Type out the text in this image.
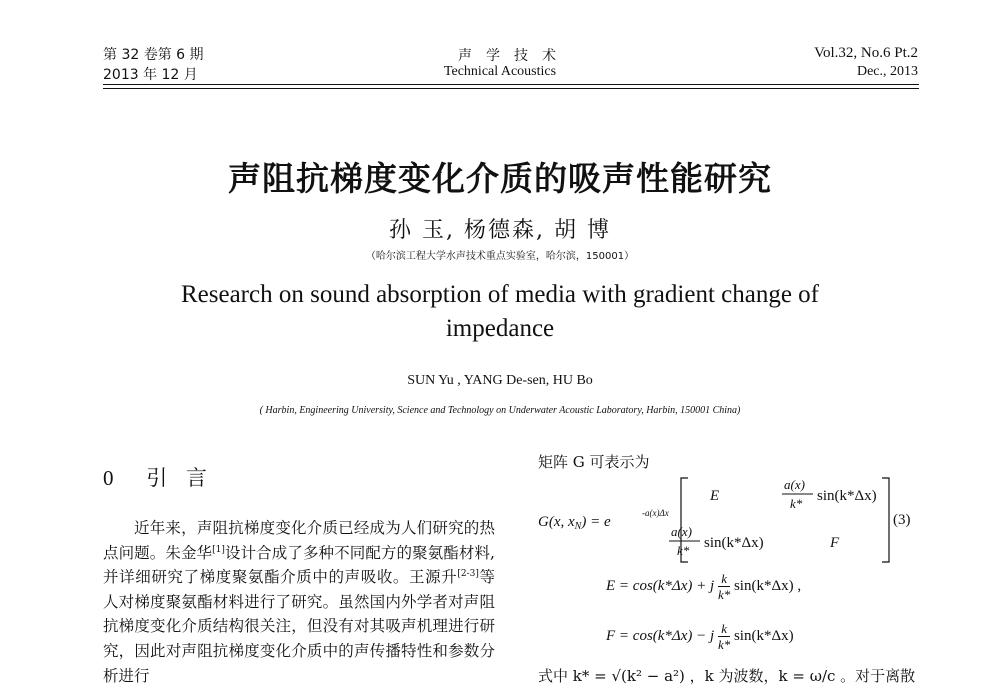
第 32 卷第 6 期
2013 年 12 月
声学技术
Technical Acoustics
Vol.32, No.6 Pt.2
Dec., 2013
声阻抗梯度变化介质的吸声性能研究
孙 玉, 杨德森, 胡 博
（哈尔滨工程大学水声技术重点实验室，哈尔滨，150001）
Research on sound absorption of media with gradient change of impedance
SUN Yu , YANG De-sen, HU Bo
( Harbin, Engineering University, Science and Technology on Underwater Acoustic Laboratory, Harbin, 150001 China)
0 引 言

近年来，声阻抗梯度变化介质已经成为人们研究的热点问题。朱金华[1]设计合成了多种不同配方的聚氨酯材料, 并详细研究了梯度聚氨酯介质中的声吸收。王源升[2-3]等人对梯度聚氨酯材料进行了研究。虽然国内外学者对声阻抗梯度变化介质结构很关注，但没有对其吸声机理进行研究，因此对声阻抗梯度变化介质中的声传播特性和参数分析进行

矩阵 G 可表示为
G(x, $x_N) = e$
-a(x)Δx
E
a(x)
k* sin(k*Δx)
a(x)
k* sin(k*Δx)	F
(3)
E = cos(k*Δx) + j $\frac{k}{k*} \sin(k*\Delta x)$ ,
F = cos(k*Δx) − j $\frac{k}{k*} \sin(k*\Delta x)$
式中 k* = √(k² − a²) ，k 为波数，k = ω/c 。对于离散
